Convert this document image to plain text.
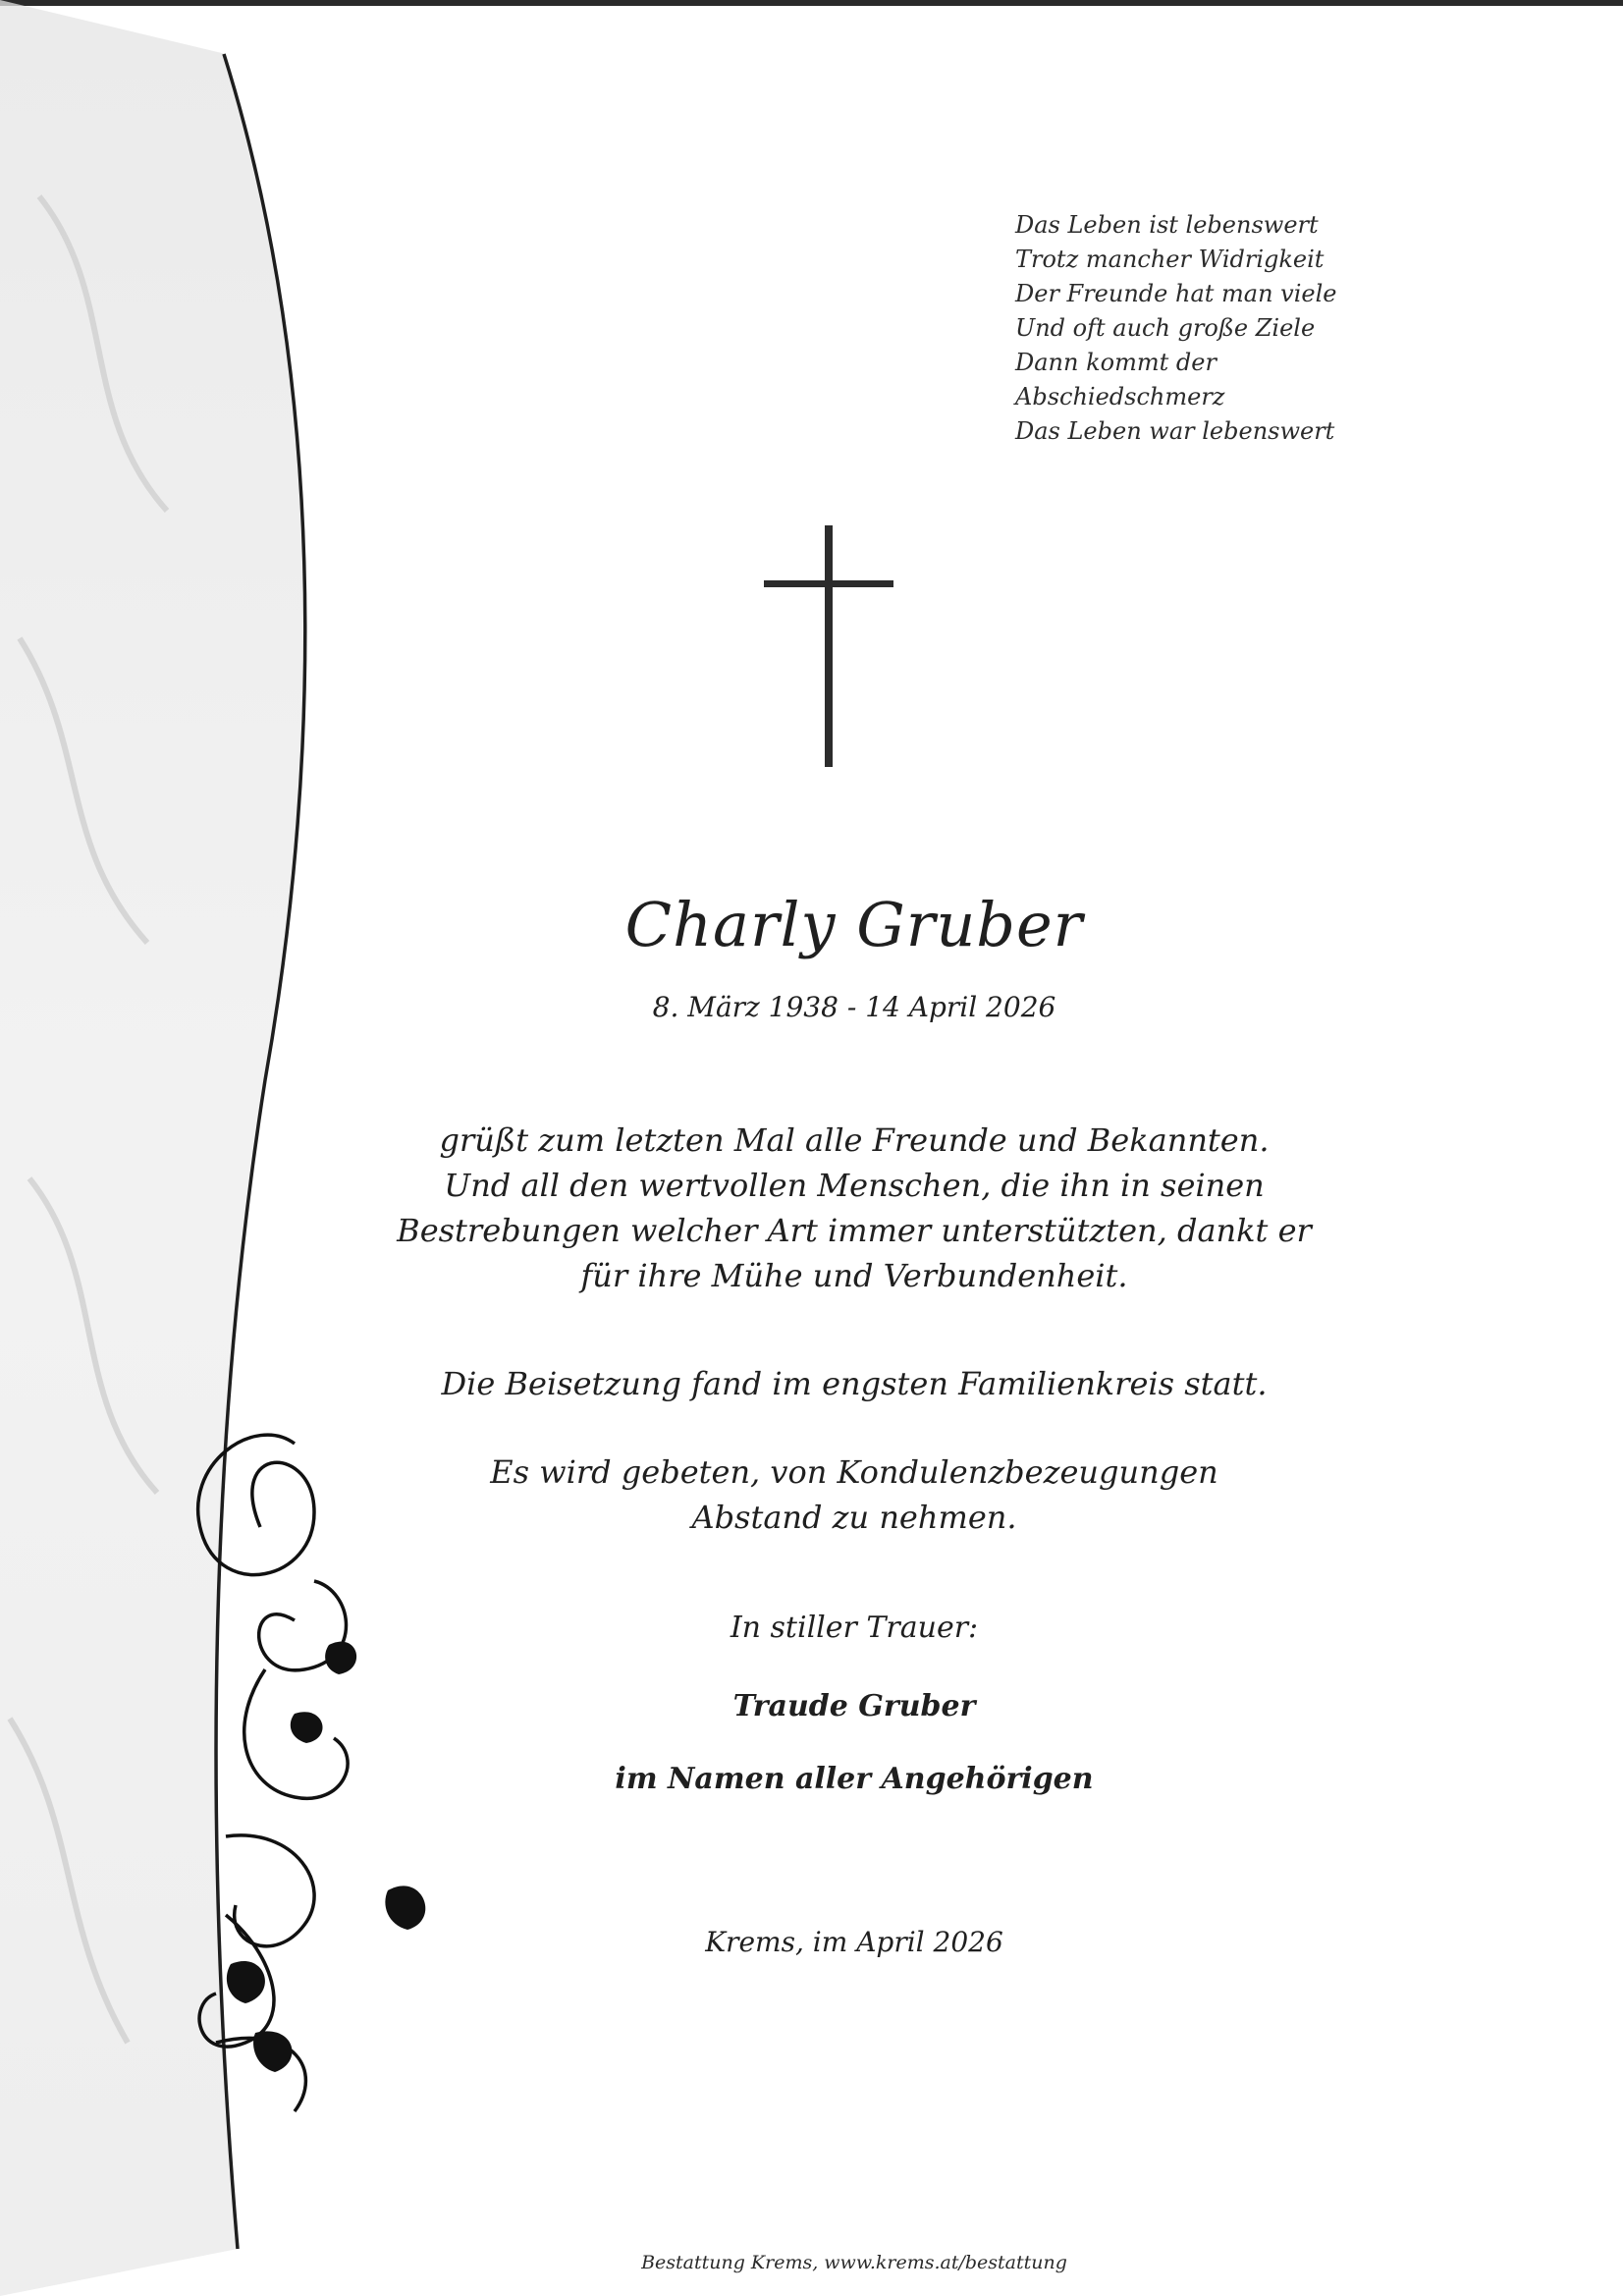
Das Leben ist lebenswert
Trotz mancher Widrigkeit
Der Freunde hat man viele
Und oft auch große Ziele
Dann kommt der
Abschiedschmerz
Das Leben war lebenswert
Charly Gruber
8. März 1938 - 14 April 2026
grüßt zum letzten Mal alle Freunde und Bekannten.
Und all den wertvollen Menschen, die ihn in seinen
Bestrebungen welcher Art immer unterstützten, dankt er
für ihre Mühe und Verbundenheit.
Die Beisetzung fand im engsten Familienkreis statt.
Es wird gebeten, von Kondulenzbezeugungen
Abstand zu nehmen.
In stiller Trauer:
Traude Gruber
im Namen aller Angehörigen
Krems, im April 2026
Bestattung Krems, www.krems.at/bestattung
